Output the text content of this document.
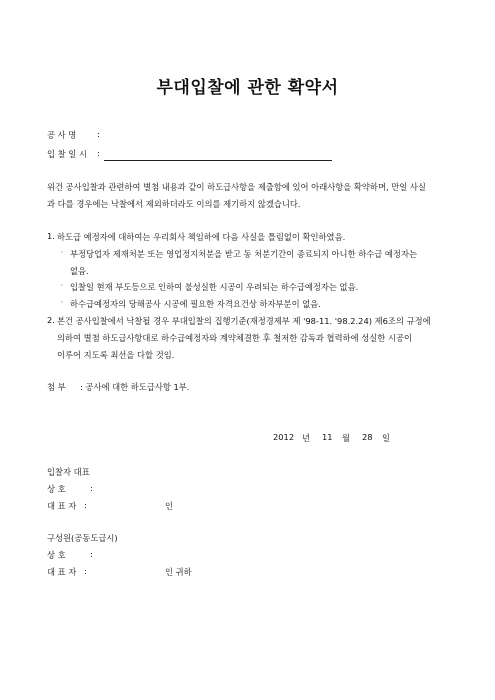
부대입찰에 관한 확약서
공 사 명 :
입 찰 일 시 :
위건 공사입찰과 관련하여 별첨 내용과 같이 하도급사항을 제출함에 있어 아래사항을 확약하며, 만일 사실
과 다를 경우에는 낙찰에서 제외하더라도 이의를 제기하지 않겠습니다.
1. 하도급 예정자에 대하여는 우리회사 책임하에 다음 사실을 틀림없이 확인하였음.
◦ 부정당업자 제재처분 또는 영업정지처분을 받고 동 처분기간이 종료되지 아니한 하수급 예정자는
없음.
◦ 입찰일 현재 부도등으로 인하여 불성실한 시공이 우려되는 하수급예정자는 없음.
◦ 하수급예정자의 당해공사 시공에 필요한 자격요건상 하자부분이 없음.
2. 본건 공사입찰에서 낙찰될 경우 부대입찰의 집행기준(재정경제부 제 '98-11. '98.2.24) 제6조의 규정에
의하여 별첨 하도급사항대로 하수급예정자와 계약체결한 후 철저한 감독과 협력하에 성실한 시공이
이루어 지도록 최선을 다할 것임.
첨 부 : 공사에 대한 하도급사항 1부.
2012 년 11 월 28 일
입찰자 대표
상 호	:
대 표 자 :	인
구성원(공동도급시)
상 호	:
대 표 자 :	인 귀하
